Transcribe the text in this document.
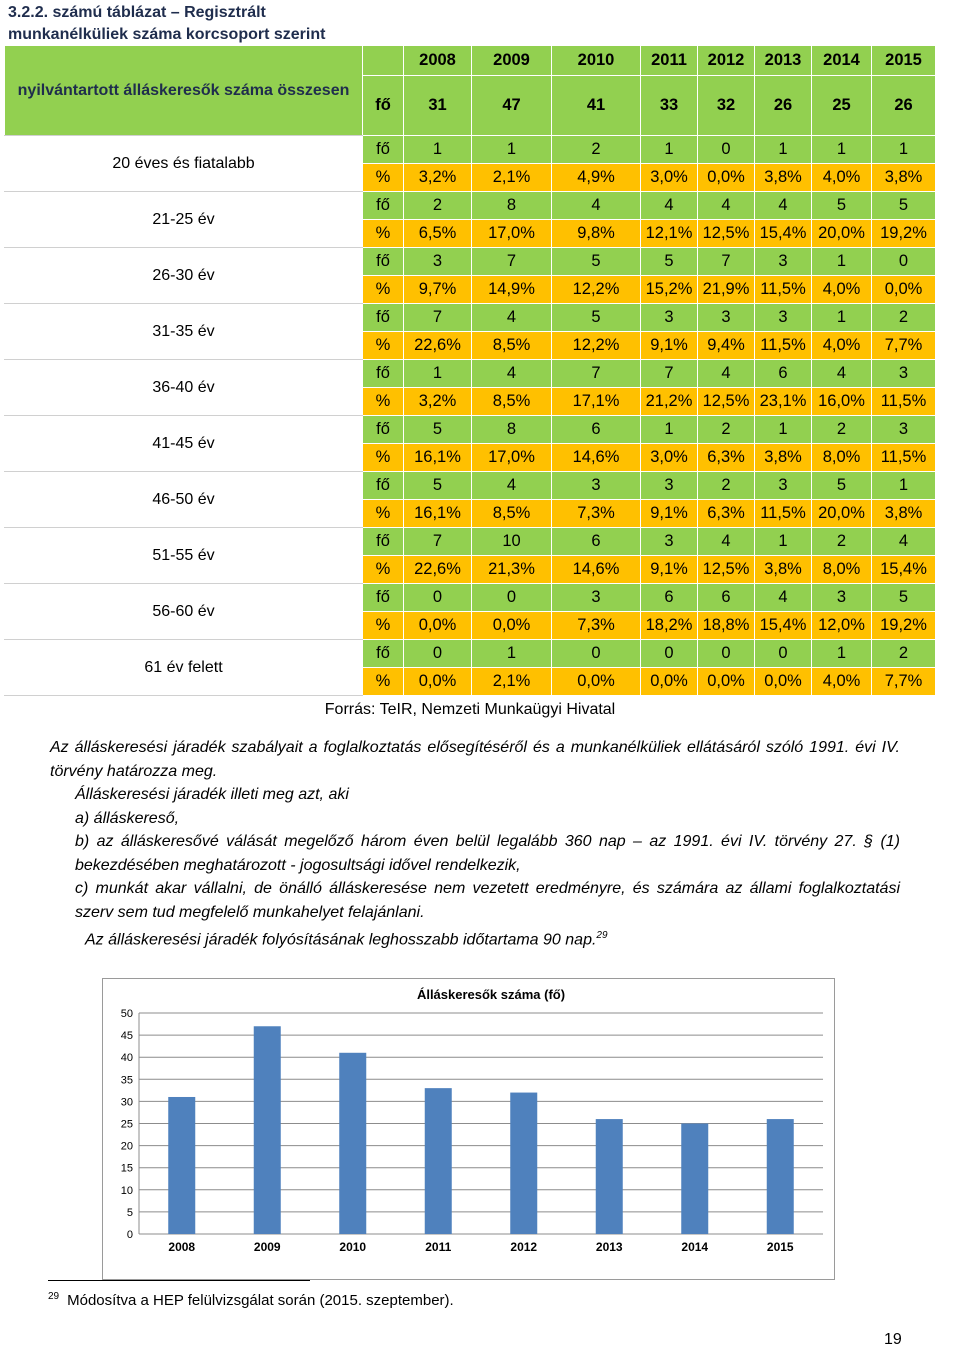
3.2.2. számú táblázat – Regisztrált
munkanélküliek száma korcsoport szerint
nyilvántartott álláskeresők száma összesen		2008	2009	2010	2011	2012	2013	2014	2015
	fő	31	47	41	33	32	26	25	26
20 éves és fiatalabb	fő	1	1	2	1	0	1	1	1
	%	3,2%	2,1%	4,9%	3,0%	0,0%	3,8%	4,0%	3,8%
21-25 év	fő	2	8	4	4	4	4	5	5
	%	6,5%	17,0%	9,8%	12,1%	12,5%	15,4%	20,0%	19,2%
26-30 év	fő	3	7	5	5	7	3	1	0
	%	9,7%	14,9%	12,2%	15,2%	21,9%	11,5%	4,0%	0,0%
31-35 év	fő	7	4	5	3	3	3	1	2
	%	22,6%	8,5%	12,2%	9,1%	9,4%	11,5%	4,0%	7,7%
36-40 év	fő	1	4	7	7	4	6	4	3
	%	3,2%	8,5%	17,1%	21,2%	12,5%	23,1%	16,0%	11,5%
41-45 év	fő	5	8	6	1	2	1	2	3
	%	16,1%	17,0%	14,6%	3,0%	6,3%	3,8%	8,0%	11,5%
46-50 év	fő	5	4	3	3	2	3	5	1
	%	16,1%	8,5%	7,3%	9,1%	6,3%	11,5%	20,0%	3,8%
51-55 év	fő	7	10	6	3	4	1	2	4
	%	22,6%	21,3%	14,6%	9,1%	12,5%	3,8%	8,0%	15,4%
56-60 év	fő	0	0	3	6	6	4	3	5
	%	0,0%	0,0%	7,3%	18,2%	18,8%	15,4%	12,0%	19,2%
61 év felett	fő	0	1	0	0	0	0	1	2
	%	0,0%	2,1%	0,0%	0,0%	0,0%	0,0%	4,0%	7,7%
Forrás: TeIR, Nemzeti Munkaügyi Hivatal									
Az álláskeresési járadék szabályait a foglalkoztatás elősegítéséről és a munkanélküliek ellátásáról szóló 1991. évi IV. törvény határozza meg.
Álláskeresési járadék illeti meg azt, aki
a) álláskereső,
b) az álláskeresővé válását megelőző három éven belül legalább 360 nap – az 1991. évi IV. törvény 27. § (1) bekezdésében meghatározott - jogosultsági idővel rendelkezik,
c) munkát akar vállalni, de önálló álláskeresése nem vezetett eredményre, és számára az állami foglalkoztatási szerv sem tud megfelelő munkahelyet felajánlani.
Az álláskeresési járadék folyósításának leghosszabb időtartama 90 nap.$^{29}$
Álláskeresők száma (fő)
0
5
10
15
20
25
30
35
40
45
50
2008	2009	2010	2011	2012	2013	2014	2015
$^{29}$ Módosítva a HEP felülvizsgálat során (2015. szeptember).
19
